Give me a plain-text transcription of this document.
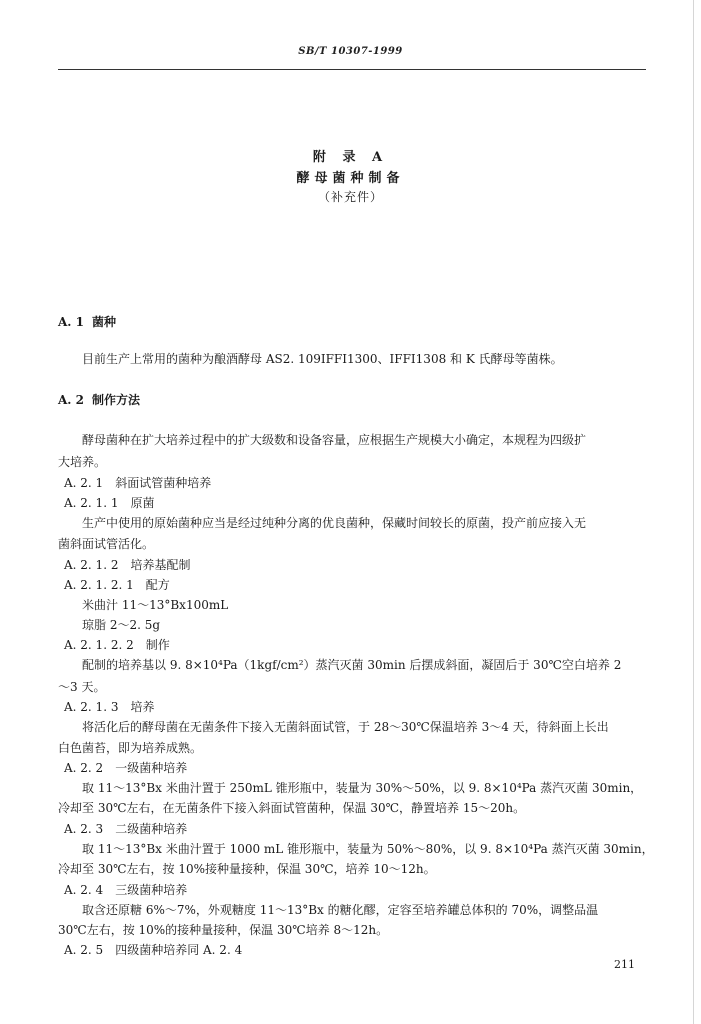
SB/T 10307-1999
附 录 A
酵母菌种制备
（补充件）
A. 1 菌种
目前生产上常用的菌种为酿酒酵母 AS2. 109IFFI1300、IFFI1308 和 K 氏酵母等菌株。
A. 2 制作方法
酵母菌种在扩大培养过程中的扩大级数和设备容量，应根据生产规模大小确定，本规程为四级扩
大培养。
A. 2. 1　斜面试管菌种培养
A. 2. 1. 1　原菌
生产中使用的原始菌种应当是经过纯种分离的优良菌种，保藏时间较长的原菌，投产前应接入无
菌斜面试管活化。
A. 2. 1. 2　培养基配制
A. 2. 1. 2. 1　配方
米曲汁 11～13°Bx100mL
琼脂 2～2. 5g
A. 2. 1. 2. 2　制作
配制的培养基以 9. 8×10⁴Pa（1kgf/cm²）蒸汽灭菌 30min 后摆成斜面，凝固后于 30℃空白培养 2
～3 天。
A. 2. 1. 3　培养
将活化后的酵母菌在无菌条件下接入无菌斜面试管，于 28～30℃保温培养 3～4 天，待斜面上长出
白色菌苔，即为培养成熟。
A. 2. 2　一级菌种培养
取 11～13°Bx 米曲汁置于 250mL 锥形瓶中，装量为 30%～50%，以 9. 8×10⁴Pa 蒸汽灭菌 30min，
冷却至 30℃左右，在无菌条件下接入斜面试管菌种，保温 30℃，静置培养 15～20h。
A. 2. 3　二级菌种培养
取 11～13°Bx 米曲汁置于 1000 mL 锥形瓶中，装量为 50%～80%，以 9. 8×10⁴Pa 蒸汽灭菌 30min，
冷却至 30℃左右，按 10%接种量接种，保温 30℃，培养 10～12h。
A. 2. 4　三级菌种培养
取含还原糖 6%～7%，外观糖度 11～13°Bx 的糖化醪，定容至培养罐总体积的 70%，调整品温
30℃左右，按 10%的接种量接种，保温 30℃培养 8～12h。
A. 2. 5　四级菌种培养同 A. 2. 4
211
